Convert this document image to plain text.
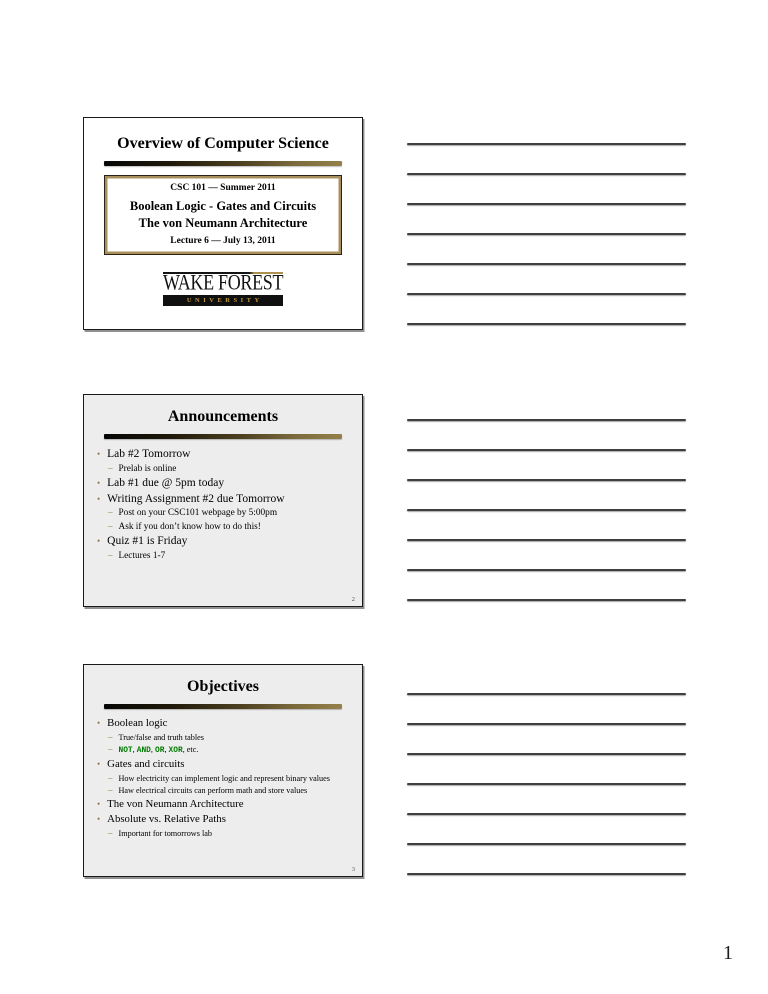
Overview of Computer Science
CSC 101 — Summer 2011
Boolean Logic - Gates and Circuits
The von Neumann Architecture
Lecture 6 — July 13, 2011
WAKE FOREST
UNIVERSITY
Announcements
• Lab #2 Tomorrow
– Prelab is online
• Lab #1 due @ 5pm today
• Writing Assignment #2 due Tomorrow
– Post on your CSC101 webpage by 5:00pm
– Ask if you don’t know how to do this!
• Quiz #1 is Friday
– Lectures 1-7
2
Objectives
• Boolean logic
– True/false and truth tables
– NOT, AND, OR, XOR, etc.
• Gates and circuits
– How electricity can implement logic and represent binary values
– Haw electrical circuits can perform math and store values
• The von Neumann Architecture
• Absolute vs. Relative Paths
– Important for tomorrows lab
3
1
